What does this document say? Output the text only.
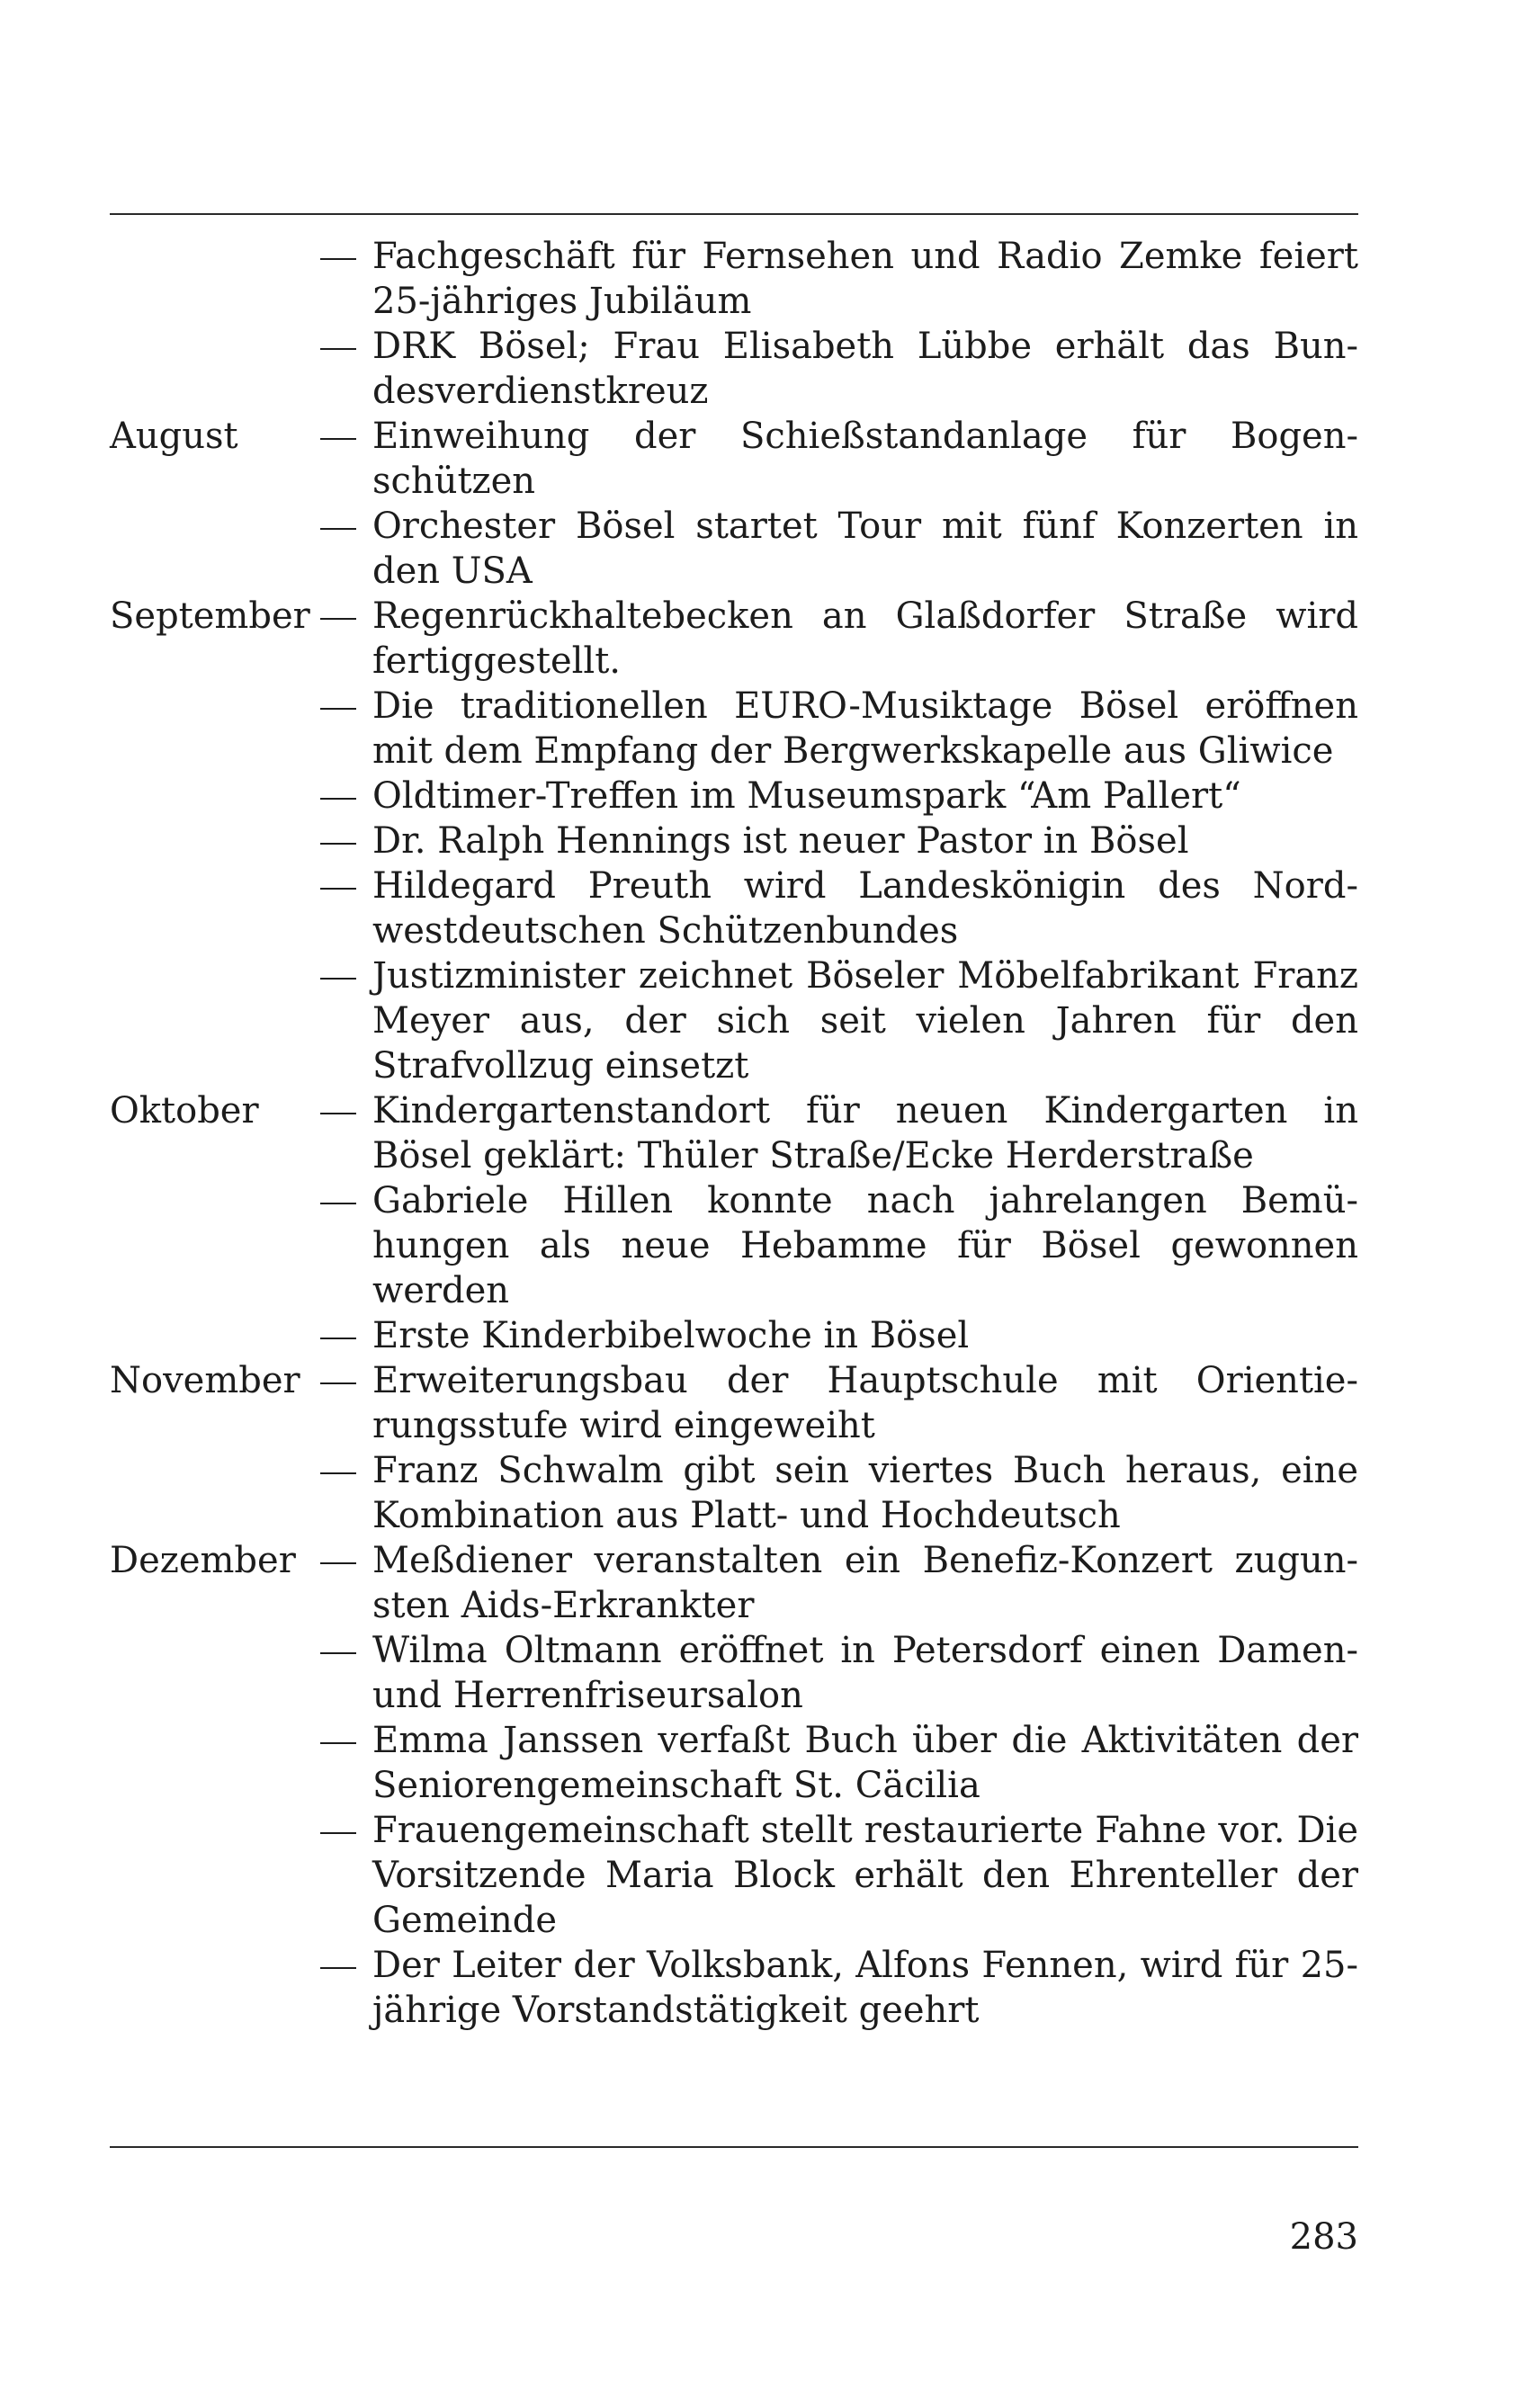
Fachgeschäft für Fernsehen und Radio Zemke feiert 25-jähriges Jubiläum
DRK Bösel; Frau Elisabeth Lübbe erhält das Bundesverdienstkreuz
August	Einweihung der Schießstandanlage für Bogenschützen
Orchester Bösel startet Tour mit fünf Konzerten in den USA
September Regenrückhaltebecken an Glaßdorfer Straße wird fertiggestellt.
Die traditionellen EURO-Musiktage Bösel eröffnen mit dem Empfang der Bergwerkskapelle aus Gliwice
Oldtimer-Treffen im Museumspark “Am Pallert“
Dr. Ralph Hennings ist neuer Pastor in Bösel
Hildegard Preuth wird Landeskönigin des Nordwestdeutschen Schützenbundes
Justizminister zeichnet Böseler Möbelfabrikant Franz Meyer aus, der sich seit vielen Jahren für den Strafvollzug einsetzt
Oktober	Kindergartenstandort für neuen Kindergarten in Bösel geklärt: Thüler Straße/Ecke Herderstraße
Gabriele Hillen konnte nach jahrelangen Bemühungen als neue Hebamme für Bösel gewonnen werden
Erste Kinderbibelwoche in Bösel
November Erweiterungsbau der Hauptschule mit Orientierungsstufe wird eingeweiht
Franz Schwalm gibt sein viertes Buch heraus, eine Kombination aus Platt- und Hochdeutsch
Dezember Meßdiener veranstalten ein Benefiz-Konzert zugunsten Aids-Erkrankter
Wilma Oltmann eröffnet in Petersdorf einen Damen- und Herrenfriseursalon
Emma Janssen verfaßt Buch über die Aktivitäten der Seniorengemeinschaft St. Cäcilia
Frauengemeinschaft stellt restaurierte Fahne vor. Die Vorsitzende Maria Block erhält den Ehrenteller der Gemeinde
Der Leiter der Volksbank, Alfons Fennen, wird für 25-jährige Vorstandstätigkeit geehrt
283
